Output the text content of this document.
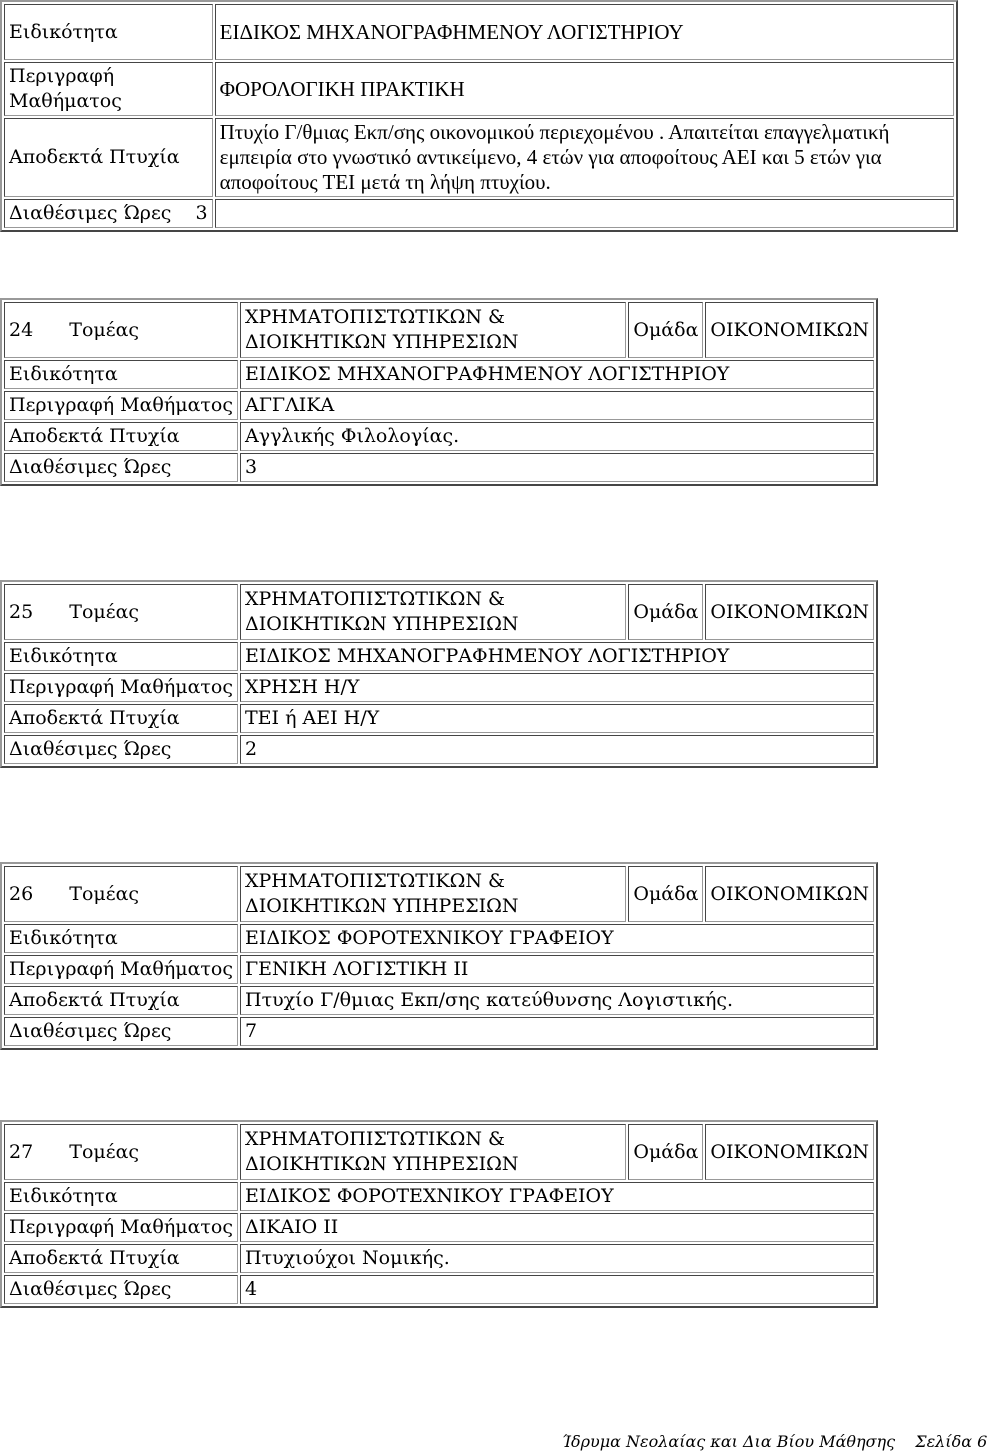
Ειδικότητα	ΕΙΔΙΚΟΣ ΜΗΧΑΝΟΓΡΑΦΗΜΕΝΟΥ ΛΟΓΙΣΤΗΡΙΟΥ
Περιγραφή Μαθήματος	ΦΟΡΟΛΟΓΙΚΗ ΠΡΑΚΤΙΚΗ
Αποδεκτά Πτυχία	Πτυχίο Γ/θμιας Εκπ/σης οικονομικού περιεχομένου . Απαιτείται επαγγελματική εμπειρία στο γνωστικό αντικείμενο, 4 ετών για αποφοίτους ΑΕΙ και 5 ετών για αποφοίτους ΤΕΙ μετά τη λήψη πτυχίου.
Διαθέσιμες Ώρες 3	
24 Τομέας	ΧΡΗΜΑΤΟΠΙΣΤΩΤΙΚΩΝ & ΔΙΟΙΚΗΤΙΚΩΝ ΥΠΗΡΕΣΙΩΝ	Ομάδα	ΟΙΚΟΝΟΜΙΚΩΝ
Ειδικότητα	ΕΙΔΙΚΟΣ ΜΗΧΑΝΟΓΡΑΦΗΜΕΝΟΥ ΛΟΓΙΣΤΗΡΙΟΥ		
Περιγραφή Μαθήματος	ΑΓΓΛΙΚΑ		
Αποδεκτά Πτυχία	Αγγλικής Φιλολογίας.		
Διαθέσιμες Ώρες	3		
25 Τομέας	ΧΡΗΜΑΤΟΠΙΣΤΩΤΙΚΩΝ & ΔΙΟΙΚΗΤΙΚΩΝ ΥΠΗΡΕΣΙΩΝ	Ομάδα	ΟΙΚΟΝΟΜΙΚΩΝ
Ειδικότητα	ΕΙΔΙΚΟΣ ΜΗΧΑΝΟΓΡΑΦΗΜΕΝΟΥ ΛΟΓΙΣΤΗΡΙΟΥ		
Περιγραφή Μαθήματος	ΧΡΗΣΗ Η/Υ		
Αποδεκτά Πτυχία	ΤΕΙ ή ΑΕΙ Η/Υ		
Διαθέσιμες Ώρες	2		
26 Τομέας	ΧΡΗΜΑΤΟΠΙΣΤΩΤΙΚΩΝ & ΔΙΟΙΚΗΤΙΚΩΝ ΥΠΗΡΕΣΙΩΝ	Ομάδα	ΟΙΚΟΝΟΜΙΚΩΝ
Ειδικότητα	ΕΙΔΙΚΟΣ ΦΟΡΟΤΕΧΝΙΚΟΥ ΓΡΑΦΕΙΟΥ		
Περιγραφή Μαθήματος	ΓΕΝΙΚΗ ΛΟΓΙΣΤΙΚΗ ΙΙ		
Αποδεκτά Πτυχία	Πτυχίο Γ/θμιας Εκπ/σης κατεύθυνσης Λογιστικής.		
Διαθέσιμες Ώρες	7		
27 Τομέας	ΧΡΗΜΑΤΟΠΙΣΤΩΤΙΚΩΝ & ΔΙΟΙΚΗΤΙΚΩΝ ΥΠΗΡΕΣΙΩΝ	Ομάδα	ΟΙΚΟΝΟΜΙΚΩΝ
Ειδικότητα	ΕΙΔΙΚΟΣ ΦΟΡΟΤΕΧΝΙΚΟΥ ΓΡΑΦΕΙΟΥ		
Περιγραφή Μαθήματος	ΔΙΚΑΙΟ ΙΙ		
Αποδεκτά Πτυχία	Πτυχιούχοι Νομικής.		
Διαθέσιμες Ώρες	4		
Ίδρυμα Νεολαίας και Δια Βίου Μάθησης Σελίδα 6
